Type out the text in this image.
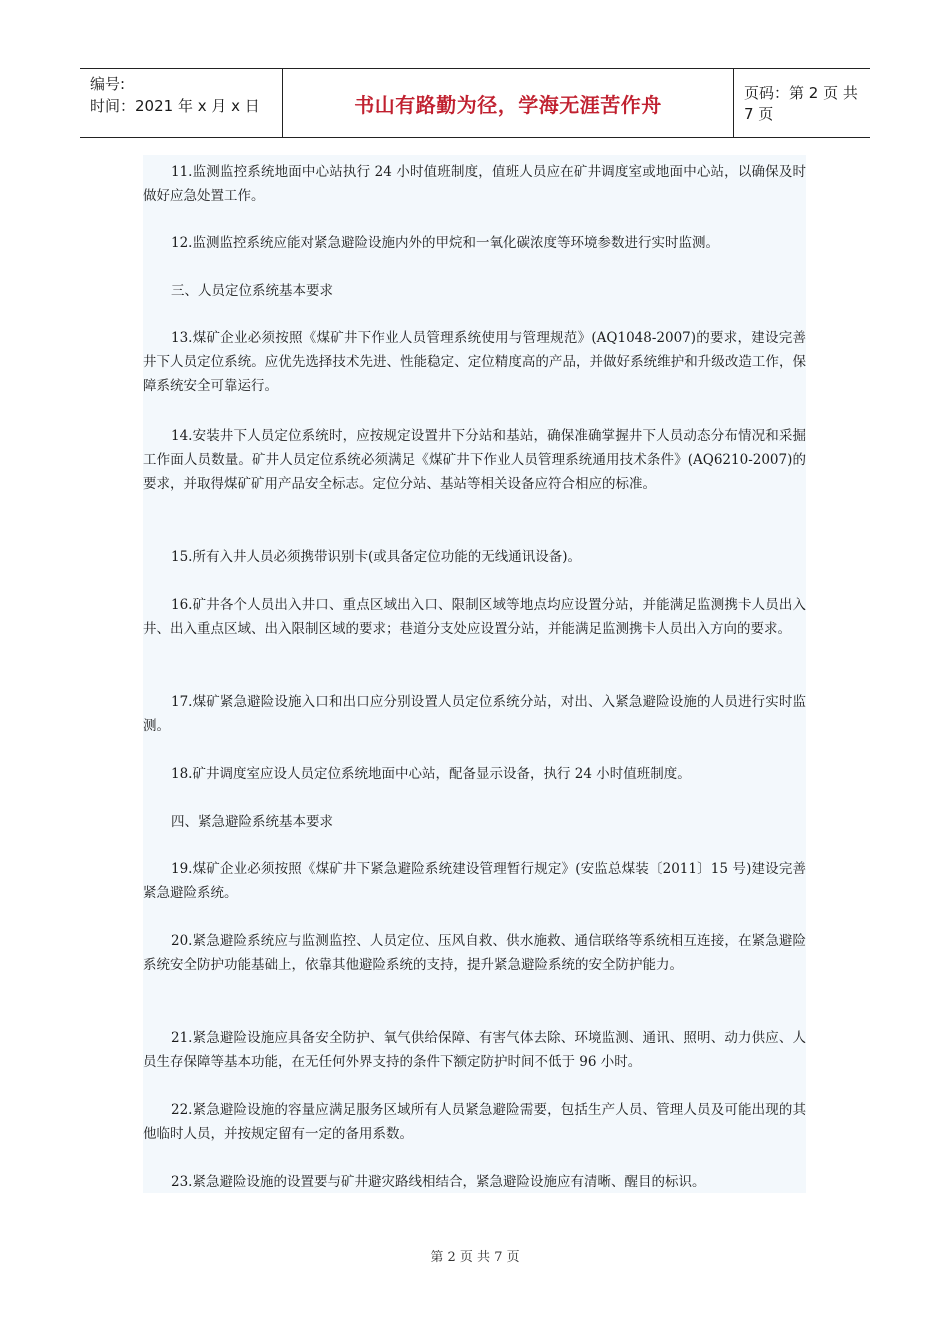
编号:
时间：2021 年 x 月 x 日	书山有路勤为径，学海无涯苦作舟	页码：第 2 页 共 7 页

11.监测监控系统地面中心站执行 24 小时值班制度，值班人员应在矿井调度室或地面中心站，以确保及时做好应急处置工作。

12.监测监控系统应能对紧急避险设施内外的甲烷和一氧化碳浓度等环境参数进行实时监测。

三、人员定位系统基本要求

13.煤矿企业必须按照《煤矿井下作业人员管理系统使用与管理规范》(AQ1048-2007)的要求，建设完善井下人员定位系统。应优先选择技术先进、性能稳定、定位精度高的产品，并做好系统维护和升级改造工作，保障系统安全可靠运行。

14.安装井下人员定位系统时，应按规定设置井下分站和基站，确保准确掌握井下人员动态分布情况和采掘工作面人员数量。矿井人员定位系统必须满足《煤矿井下作业人员管理系统通用技术条件》(AQ6210-2007)的要求，并取得煤矿矿用产品安全标志。定位分站、基站等相关设备应符合相应的标准。

15.所有入井人员必须携带识别卡(或具备定位功能的无线通讯设备)。

16.矿井各个人员出入井口、重点区域出入口、限制区域等地点均应设置分站，并能满足监测携卡人员出入井、出入重点区域、出入限制区域的要求；巷道分支处应设置分站，并能满足监测携卡人员出入方向的要求。

17.煤矿紧急避险设施入口和出口应分别设置人员定位系统分站，对出、入紧急避险设施的人员进行实时监测。

18.矿井调度室应设人员定位系统地面中心站，配备显示设备，执行 24 小时值班制度。

四、紧急避险系统基本要求

19.煤矿企业必须按照《煤矿井下紧急避险系统建设管理暂行规定》(安监总煤装〔2011〕15 号)建设完善紧急避险系统。

20.紧急避险系统应与监测监控、人员定位、压风自救、供水施救、通信联络等系统相互连接，在紧急避险系统安全防护功能基础上，依靠其他避险系统的支持，提升紧急避险系统的安全防护能力。

21.紧急避险设施应具备安全防护、氧气供给保障、有害气体去除、环境监测、通讯、照明、动力供应、人员生存保障等基本功能，在无任何外界支持的条件下额定防护时间不低于 96 小时。

22.紧急避险设施的容量应满足服务区域所有人员紧急避险需要，包括生产人员、管理人员及可能出现的其他临时人员，并按规定留有一定的备用系数。

23.紧急避险设施的设置要与矿井避灾路线相结合，紧急避险设施应有清晰、醒目的标识。

第 2 页 共 7 页
